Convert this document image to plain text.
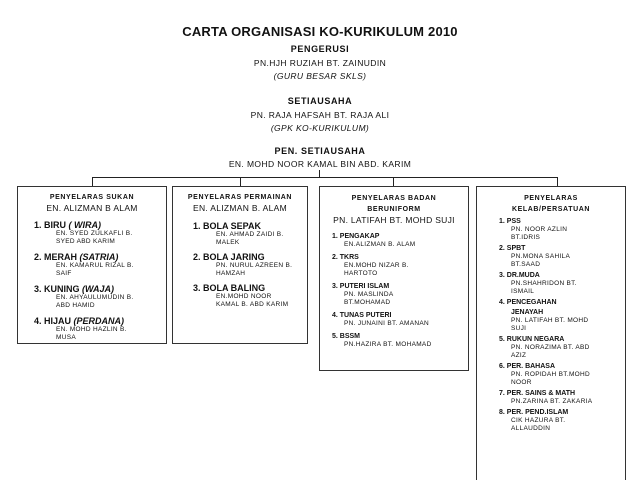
CARTA ORGANISASI KO-KURIKULUM 2010
PENGERUSI
PN.HJH RUZIAH BT. ZAINUDIN
(GURU BESAR SKLS)
SETIAUSAHA
PN. RAJA HAFSAH BT. RAJA ALI
(GPK KO-KURIKULUM)
PEN. SETIAUSAHA
EN. MOHD NOOR KAMAL BIN ABD. KARIM
PENYELARAS SUKAN
EN. ALIZMAN B ALAM
1. BIRU ( WIRA)
EN. SYED ZULKAFLI B.
SYED ABD KARIM
2. MERAH (SATRIA)
EN. KAMARUL RIZAL B.
SAIF
3. KUNING (WAJA)
EN. AHYAULUMUDIN B.
ABD HAMID
4. HIJAU (PERDANA)
EN. MOHD HAZLIN B.
MUSA
PENYELARAS PERMAINAN
EN. ALIZMAN B. ALAM
1. BOLA SEPAK
EN. AHMAD ZAIDI B.
MALEK
2. BOLA JARING
PN. NURUL AZREEN B.
HAMZAH
3. BOLA BALING
EN.MOHD NOOR
KAMAL B. ABD KARIM
PENYELARAS BADAN
BERUNIFORM
PN. LATIFAH BT. MOHD SUJI
1. PENGAKAP
EN.ALIZMAN B. ALAM
2. TKRS
EN.MOHD NIZAR B.
HARTOTO
3. PUTERI ISLAM
PN. MASLINDA
BT.MOHAMAD
4. TUNAS PUTERI
PN. JUNAINI BT. AMANAN
5. BSSM
PN.HAZIRA BT. MOHAMAD
PENYELARAS
KELAB/PERSATUAN
1. PSS
PN. NOOR AZLIN
BT.IDRIS
2. SPBT
PN.MONA SAHILA
BT.SAAD
3. DR.MUDA
PN.SHAHRIDON BT.
ISMAIL
4. PENCEGAHAN
JENAYAH
PN. LATIFAH BT. MOHD
SUJI
5. RUKUN NEGARA
PN. NORAZIMA BT. ABD
AZIZ
6. PER. BAHASA
PN. ROPIDAH BT.MOHD
NOOR
7. PER. SAINS & MATH
PN.ZARINA BT. ZAKARIA
8. PER. PEND.ISLAM
CIK HAZURA BT.
ALLAUDDIN
